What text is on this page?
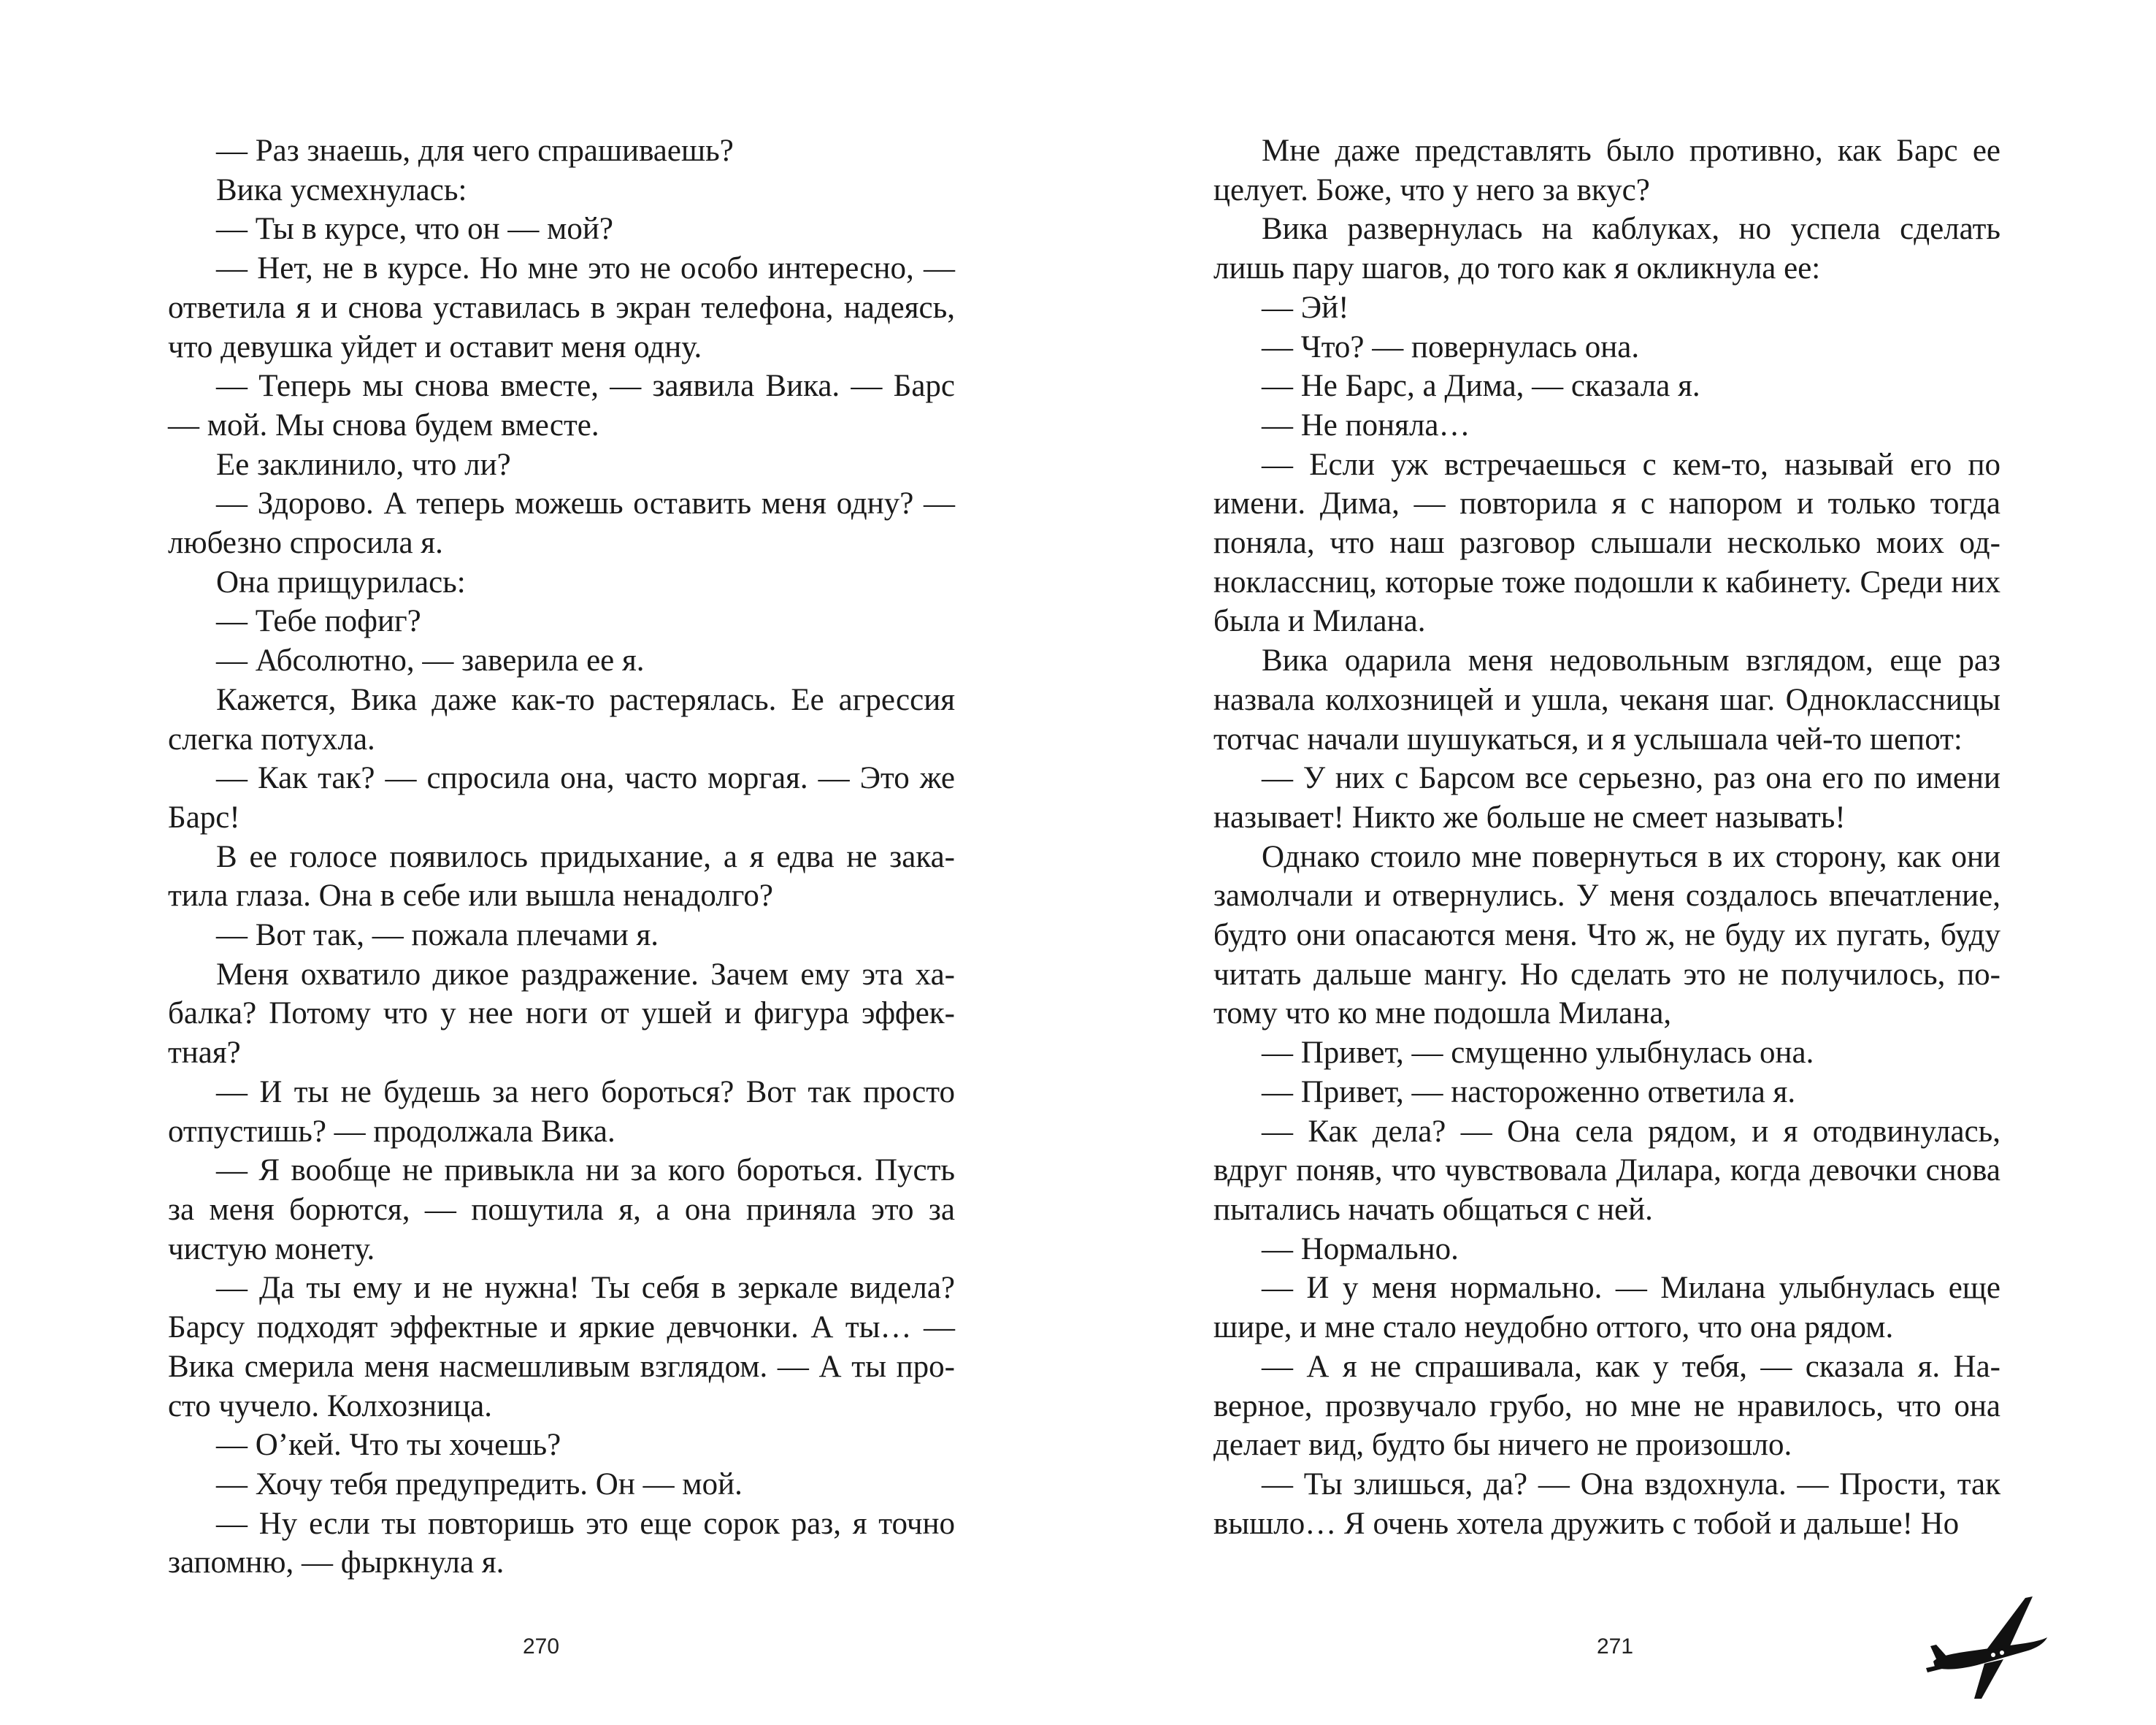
— Раз знаешь, для чего спрашиваешь?

Вика усмехнулась:

— Ты в курсе, что он — мой?

— Нет, не в курсе. Но мне это не особо интересно, — ответила я и снова уставилась в экран телефона, надеясь, что девушка уйдет и оставит меня одну.

— Теперь мы снова вместе, — заявила Вика. — Барс — мой. Мы снова будем вместе.

Ее заклинило, что ли?

— Здорово. А теперь можешь оставить меня одну? — любезно спросила я.

Она прищурилась:

— Тебе пофиг?

— Абсолютно, — заверила ее я.

Кажется, Вика даже как-то растерялась. Ее агрессия слегка потухла.

— Как так? — спросила она, часто моргая. — Это же Барс!

В ее голосе появилось придыхание, а я едва не закатила глаза. Она в себе или вышла ненадолго?

— Вот так, — пожала плечами я.

Меня охватило дикое раздражение. Зачем ему эта хабалка? Потому что у нее ноги от ушей и фигура эффектная?

— И ты не будешь за него бороться? Вот так просто отпустишь? — продолжала Вика.

— Я вообще не привыкла ни за кого бороться. Пусть за меня борются, — пошутила я, а она приняла это за чистую монету.

— Да ты ему и не нужна! Ты себя в зеркале видела? Барсу подходят эффектные и яркие девчонки. А ты… — Вика смерила меня насмешливым взглядом. — А ты просто чучело. Колхозница.

— О’кей. Что ты хочешь?

— Хочу тебя предупредить. Он — мой.

— Ну если ты повторишь это еще сорок раз, я точно запомню, — фыркнула я.

Мне даже представлять было противно, как Барс ее целует. Боже, что у него за вкус?

Вика развернулась на каблуках, но успела сделать лишь пару шагов, до того как я окликнула ее:

— Эй!

— Что? — повернулась она.

— Не Барс, а Дима, — сказала я.

— Не поняла…

— Если уж встречаешься с кем-то, называй его по имени. Дима, — повторила я с напором и только тогда поняла, что наш разговор слышали несколько моих одноклассниц, которые тоже подошли к кабинету. Среди них была и Милана.

Вика одарила меня недовольным взглядом, еще раз назвала колхозницей и ушла, чеканя шаг. Одноклассницы тотчас начали шушукаться, и я услышала чей-то шепот:

— У них с Барсом все серьезно, раз она его по имени называет! Никто же больше не смеет называть!

Однако стоило мне повернуться в их сторону, как они замолчали и отвернулись. У меня создалось впечатление, будто они опасаются меня. Что ж, не буду их пугать, буду читать дальше мангу. Но сделать это не получилось, потому что ко мне подошла Милана,

— Привет, — смущенно улыбнулась она.

— Привет, — настороженно ответила я.

— Как дела? — Она села рядом, и я отодвинулась, вдруг поняв, что чувствовала Дилара, когда девочки снова пытались начать общаться с ней.

— Нормально.

— И у меня нормально. — Милана улыбнулась еще шире, и мне стало неудобно оттого, что она рядом.

— А я не спрашивала, как у тебя, — сказала я. Наверное, прозвучало грубо, но мне не нравилось, что она делает вид, будто бы ничего не произошло.

— Ты злишься, да? — Она вздохнула. — Прости, так вышло… Я очень хотела дружить с тобой и дальше! Но

270	271
